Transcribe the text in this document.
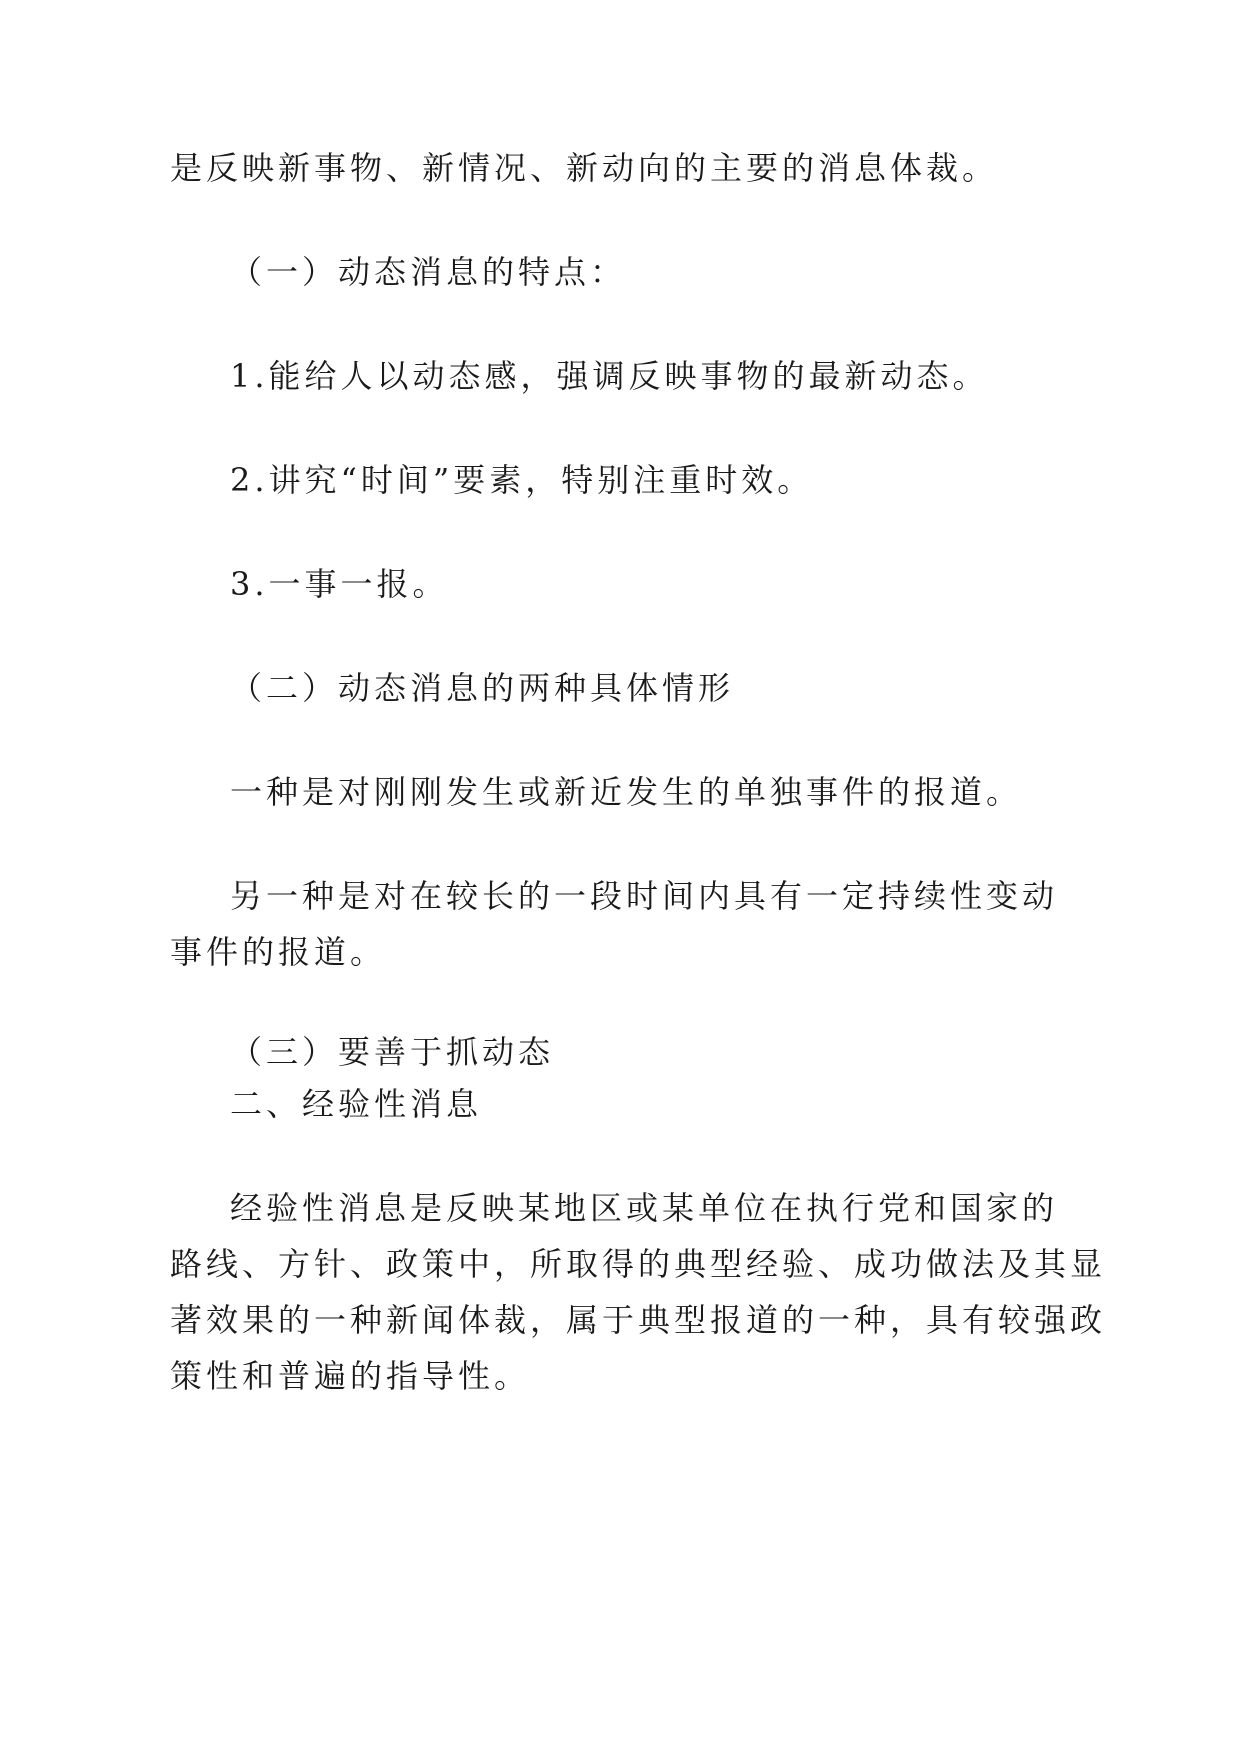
是反映新事物、新情况、新动向的主要的消息体裁。

（一）动态消息的特点：

1.能给人以动态感，强调反映事物的最新动态。

2.讲究“时间”要素，特别注重时效。

3.一事一报。

（二）动态消息的两种具体情形

一种是对刚刚发生或新近发生的单独事件的报道。

另一种是对在较长的一段时间内具有一定持续性变动
事件的报道。

（三）要善于抓动态

二、经验性消息

经验性消息是反映某地区或某单位在执行党和国家的
路线、方针、政策中，所取得的典型经验、成功做法及其显
著效果的一种新闻体裁，属于典型报道的一种，具有较强政
策性和普遍的指导性。
